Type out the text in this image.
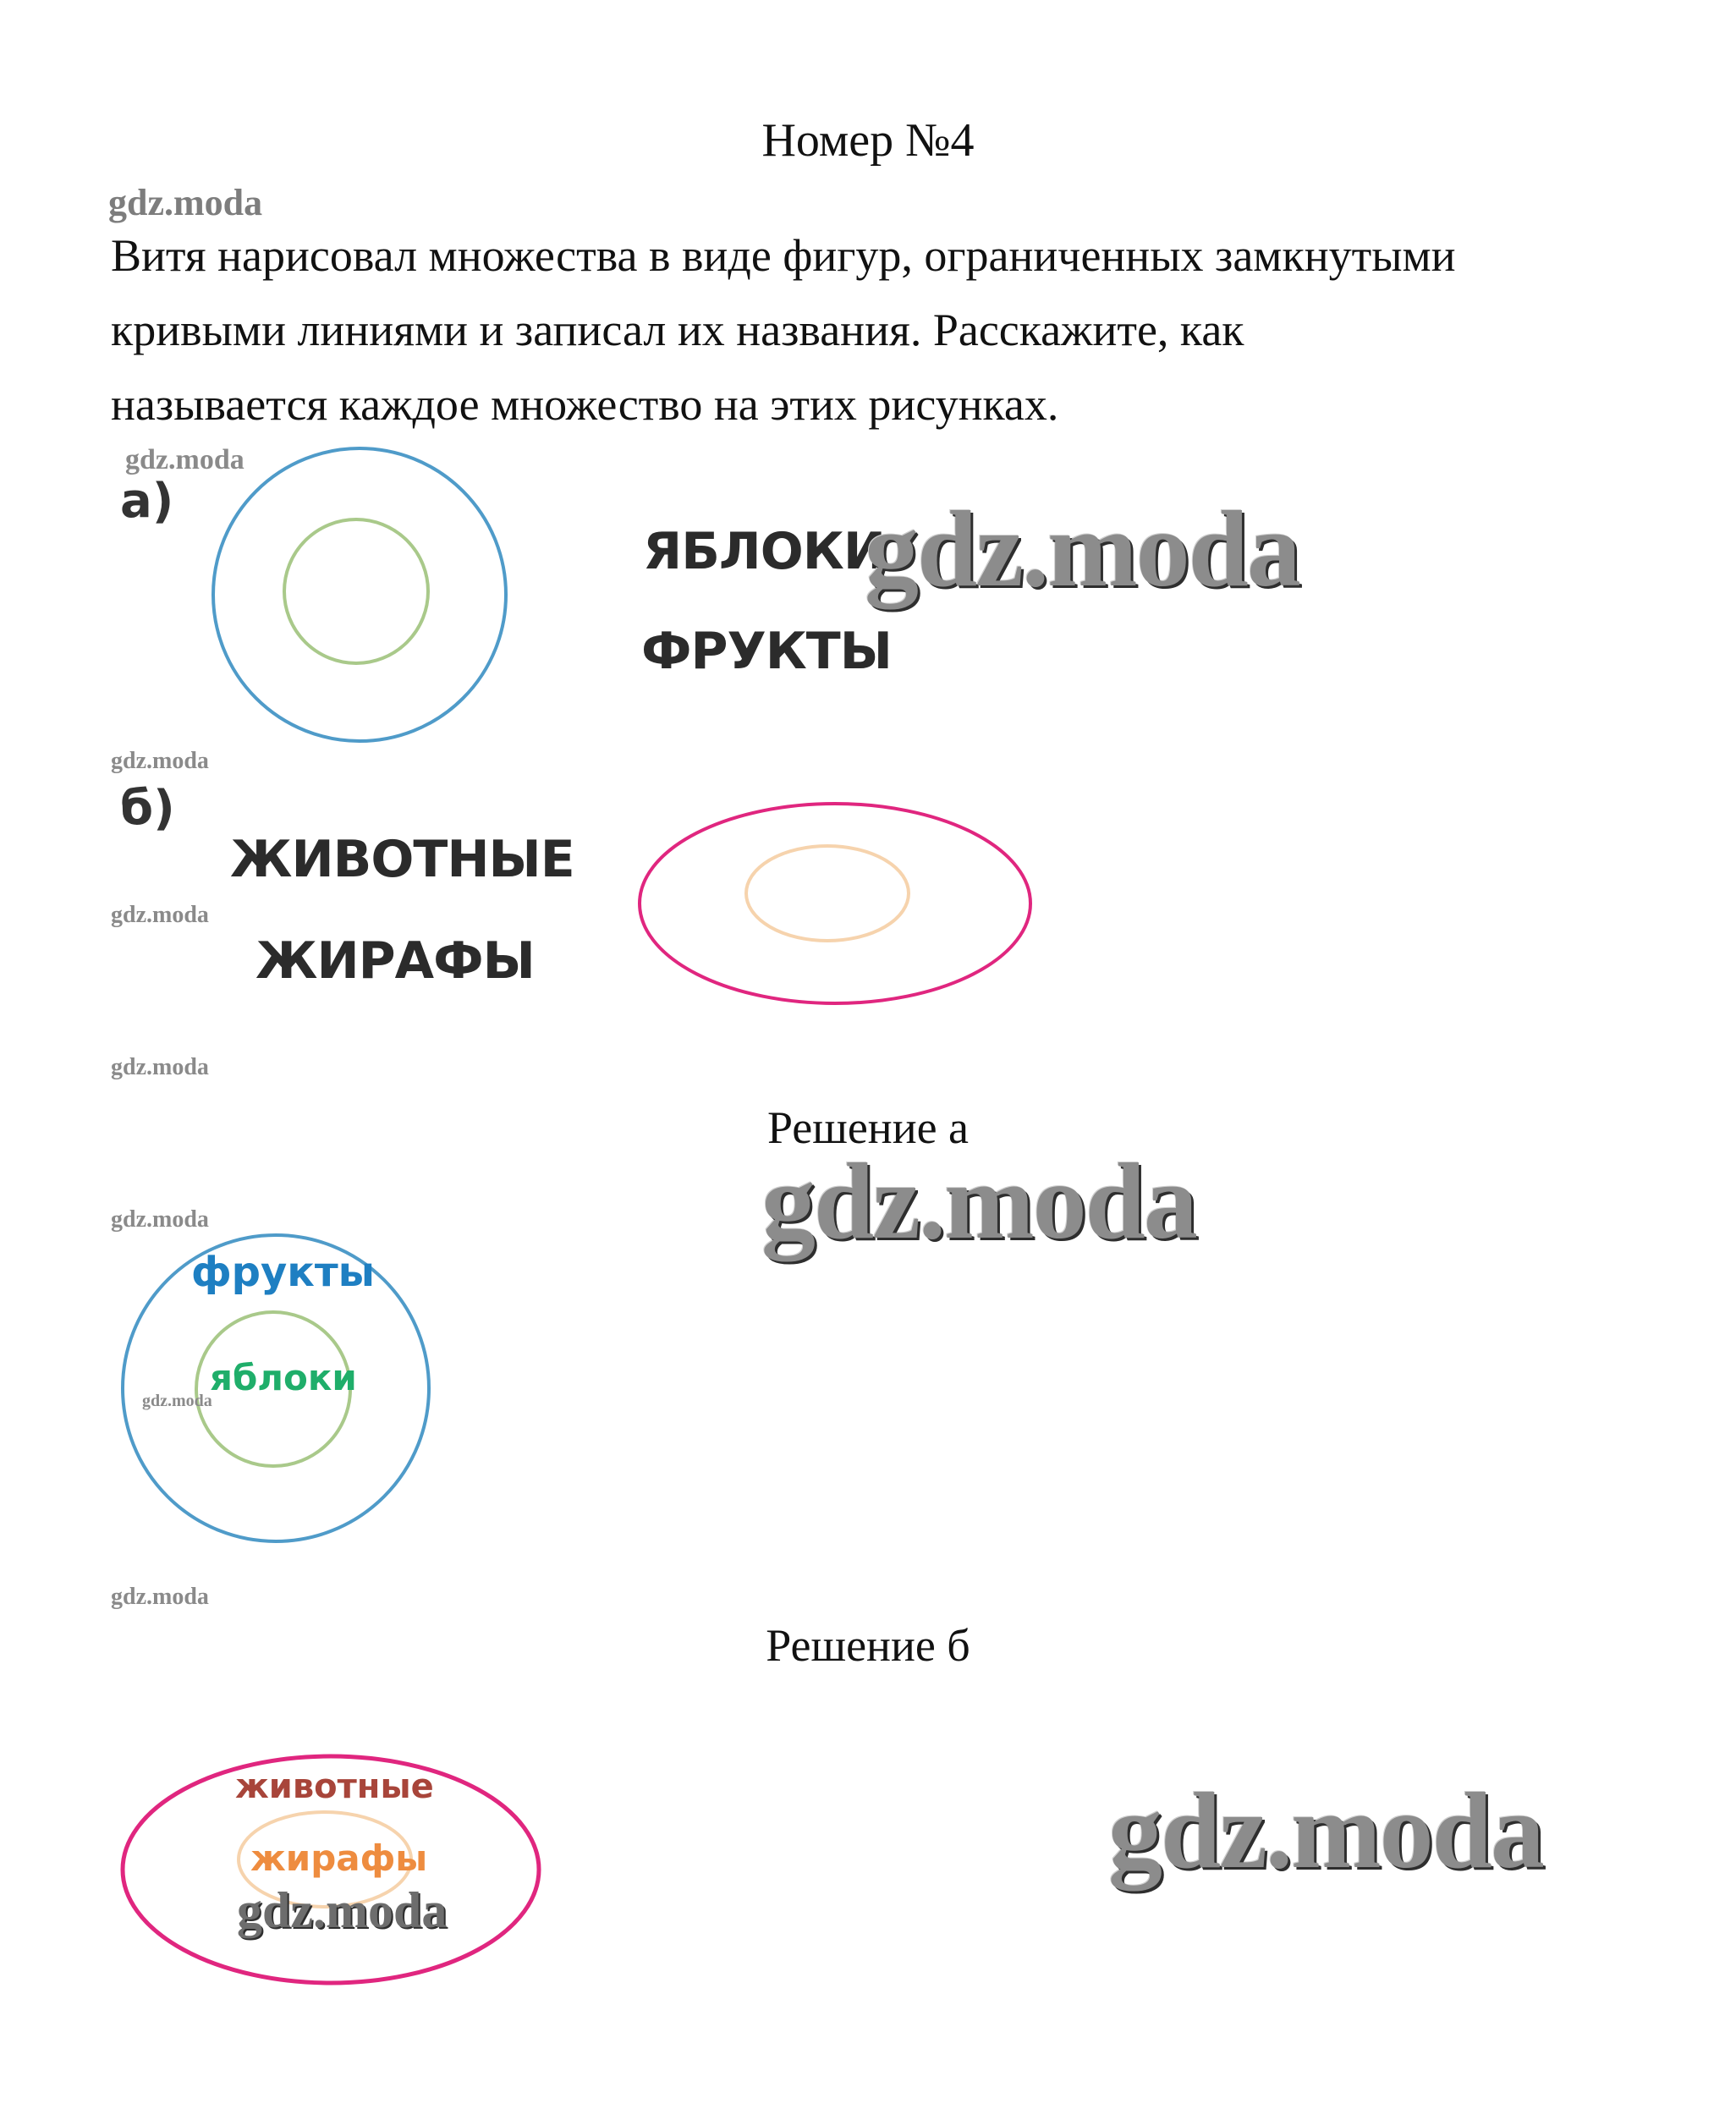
Номер №4

Витя нарисовал множества в виде фигур, ограниченных замкнутыми

кривыми линиями и записал их названия. Расскажите, как

называется каждое множество на этих рисунках.

gdz.moda
gdz.moda
gdz.moda
gdz.moda
gdz.moda
gdz.moda
gdz.moda
а)
ЯБЛОКИ
ФРУКТЫ
gdz.moda
б)
ЖИВОТНЫЕ
ЖИРАФЫ
Решение а
gdz.moda
фрукты
яблоки
gdz.moda
Решение б
животные
жирафы
gdz.moda
gdz.moda
